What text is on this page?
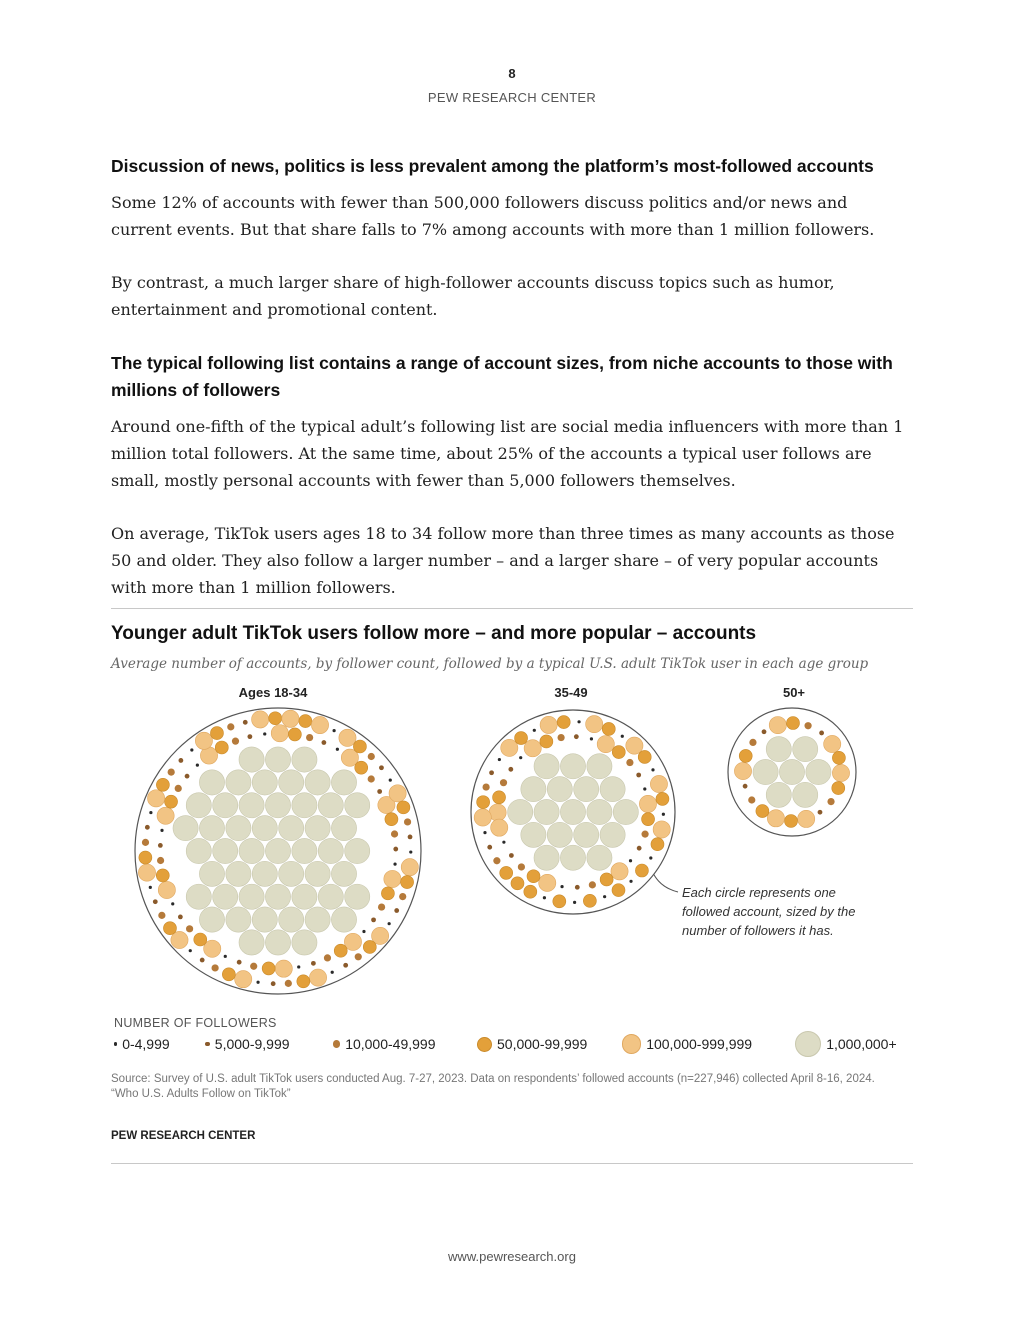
8
PEW RESEARCH CENTER
Discussion of news, politics is less prevalent among the platform’s most-followed accounts

Some 12% of accounts with fewer than 500,000 followers discuss politics and/or news and current events. But that share falls to 7% among accounts with more than 1 million followers.

By contrast, a much larger share of high-follower accounts discuss topics such as humor, entertainment and promotional content.

The typical following list contains a range of account sizes, from niche accounts to those with millions of followers

Around one-fifth of the typical adult’s following list are social media influencers with more than 1 million total followers. At the same time, about 25% of the accounts a typical user follows are small, mostly personal accounts with fewer than 5,000 followers themselves.

On average, TikTok users ages 18 to 34 follow more than three times as many accounts as those 50 and older. They also follow a larger number – and a larger share – of very popular accounts with more than 1 million followers.

Younger adult TikTok users follow more – and more popular – accounts
Average number of accounts, by follower count, followed by a typical U.S. adult TikTok user in each age group
Ages 18-34	35-49	50+
Each circle represents one followed account, sized by the number of followers it has.
NUMBER OF FOLLOWERS
0-4,999	5,000-9,999	10,000-49,999	50,000-99,999	100,000-999,999	1,000,000+
Source: Survey of U.S. adult TikTok users conducted Aug. 7-27, 2023. Data on respondents’ followed accounts (n=227,946) collected April 8-16, 2024.
“Who U.S. Adults Follow on TikTok”
PEW RESEARCH CENTER
www.pewresearch.org
